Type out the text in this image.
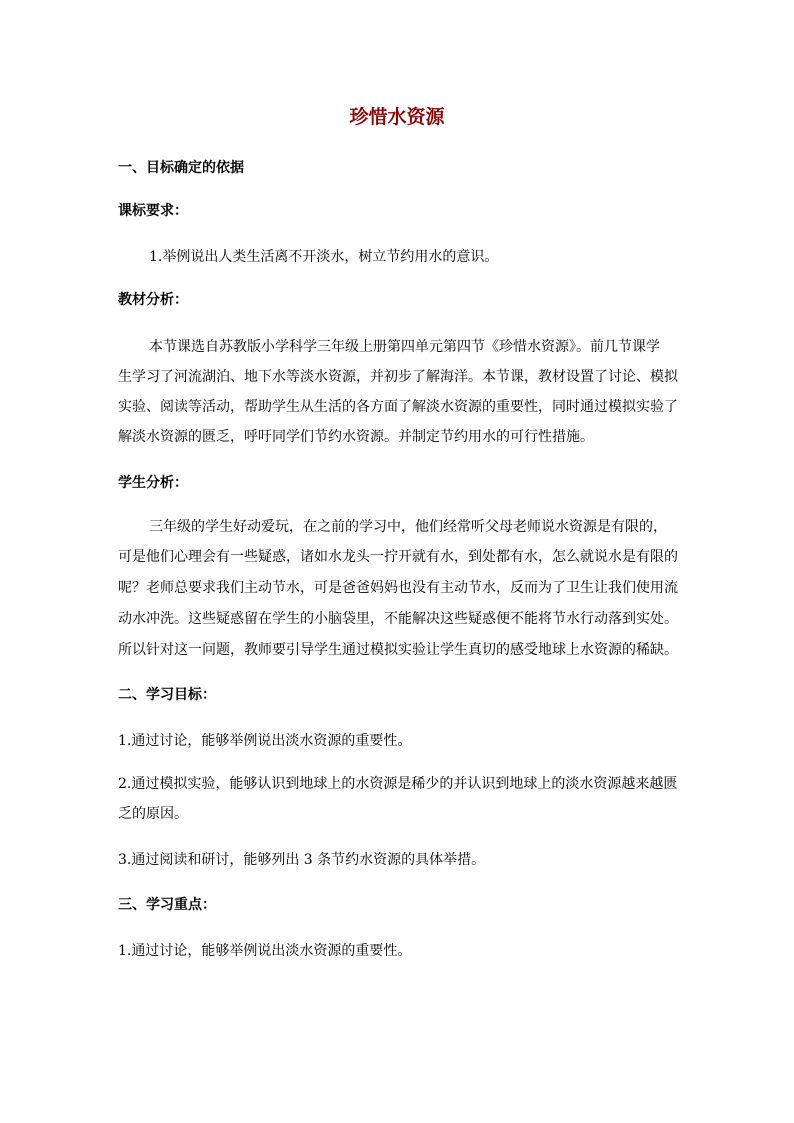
珍惜水资源
一、目标确定的依据
课标要求：
1.举例说出人类生活离不开淡水，树立节约用水的意识。
教材分析：
本节课选自苏教版小学科学三年级上册第四单元第四节《珍惜水资源》。前几节课学
生学习了河流湖泊、地下水等淡水资源，并初步了解海洋。本节课，教材设置了讨论、模拟
实验、阅读等活动，帮助学生从生活的各方面了解淡水资源的重要性，同时通过模拟实验了
解淡水资源的匮乏，呼吁同学们节约水资源。并制定节约用水的可行性措施。
学生分析：
三年级的学生好动爱玩，在之前的学习中，他们经常听父母老师说水资源是有限的，
可是他们心理会有一些疑惑，诸如水龙头一拧开就有水，到处都有水，怎么就说水是有限的
呢？老师总要求我们主动节水，可是爸爸妈妈也没有主动节水，反而为了卫生让我们使用流
动水冲洗。这些疑惑留在学生的小脑袋里，不能解决这些疑惑便不能将节水行动落到实处。
所以针对这一问题，教师要引导学生通过模拟实验让学生真切的感受地球上水资源的稀缺。
二、学习目标：
1.通过讨论，能够举例说出淡水资源的重要性。
2.通过模拟实验，能够认识到地球上的水资源是稀少的并认识到地球上的淡水资源越来越匮
乏的原因。
3.通过阅读和研讨，能够列出 3 条节约水资源的具体举措。
三、学习重点：
1.通过讨论，能够举例说出淡水资源的重要性。
